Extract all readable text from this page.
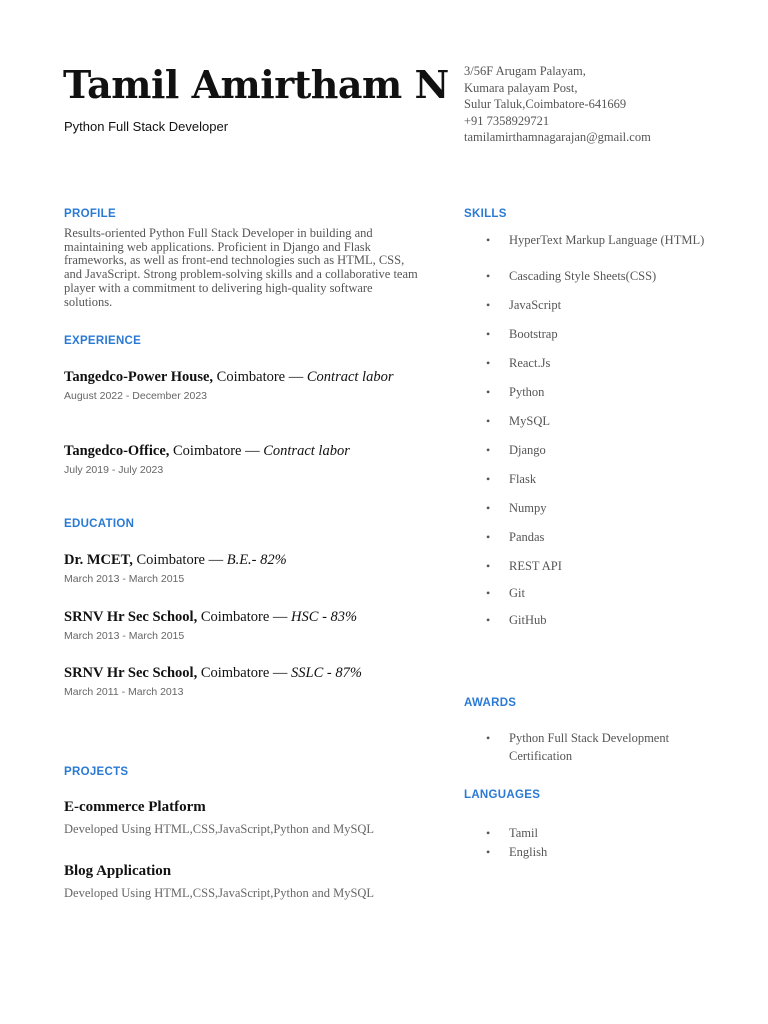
Tamil Amirtham N
Python Full Stack Developer
3/56F Arugam Palayam,
Kumara palayam Post,
Sulur Taluk,Coimbatore-641669
+91 7358929721
tamilamirthamnagarajan@gmail.com
PROFILE
Results-oriented Python Full Stack Developer in building and maintaining web applications. Proficient in Django and Flask frameworks, as well as front-end technologies such as HTML, CSS, and JavaScript. Strong problem-solving skills and a collaborative team player with a commitment to delivering high-quality software solutions.
EXPERIENCE
Tangedco-Power House, Coimbatore — Contract labor
August 2022 - December 2023
Tangedco-Office, Coimbatore — Contract labor
July 2019 - July 2023
EDUCATION
Dr. MCET, Coimbatore — B.E.- 82%
March 2013 - March 2015
SRNV Hr Sec School, Coimbatore — HSC - 83%
March 2013 - March 2015
SRNV Hr Sec School, Coimbatore — SSLC - 87%
March 2011 - March 2013
PROJECTS
E-commerce Platform
Developed Using HTML,CSS,JavaScript,Python and MySQL
Blog Application
Developed Using HTML,CSS,JavaScript,Python and MySQL
SKILLS
• HyperText Markup Language (HTML)
• Cascading Style Sheets(CSS)
• JavaScript
• Bootstrap
• React.Js
• Python
• MySQL
• Django
• Flask
• Numpy
• Pandas
• REST API
• Git
• GitHub
AWARDS
• Python Full Stack Development Certification
LANGUAGES
• Tamil
• English
